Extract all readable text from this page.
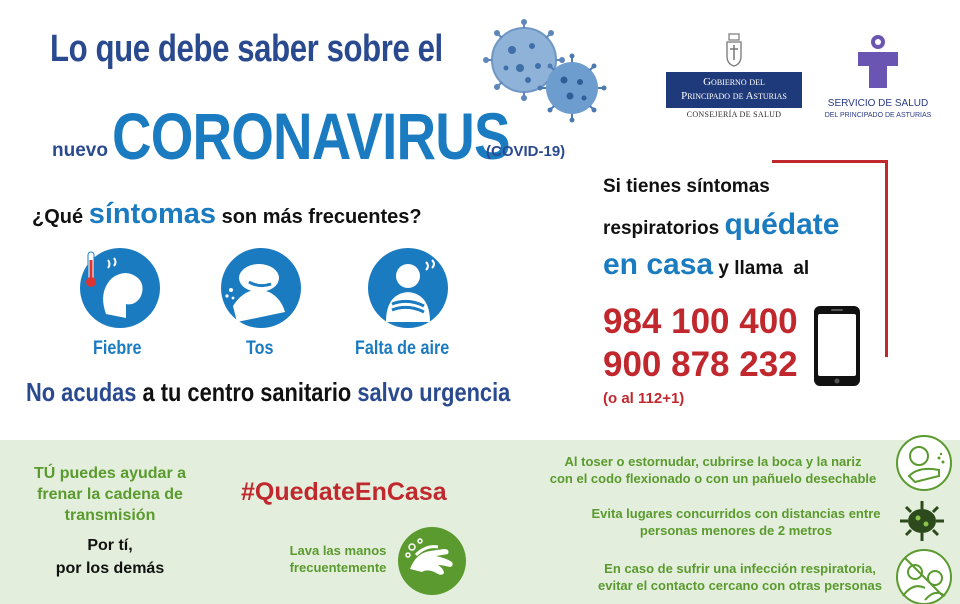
Lo que debe saber sobre el
nuevo CORONAVIRUS
(COVID-19)
Gobierno del
Principado de Asturias
CONSEJERÍA DE SALUD
SERVICIO DE SALUD
DEL PRINCIPADO DE ASTURIAS
¿Qué síntomas son más frecuentes?
Fiebre	Tos	Falta de aire
No acudas a tu centro sanitario salvo urgencia
Si tienes síntomas
respiratorios quédate
en casa y llama  al
984 100 400
900 878 232
(o al 112+1)
TÚ puedes ayudar a
frenar la cadena de
transmisión
Por tí,
por los demás
#QuedateEnCasa
Lava las manos
frecuentemente
Al toser o estornudar, cubrirse la boca y la nariz
con el codo flexionado o con un pañuelo desechable
Evita lugares concurridos con distancias entre
personas menores de 2 metros
En caso de sufrir una infección respiratoria,
evitar el contacto cercano con otras personas
